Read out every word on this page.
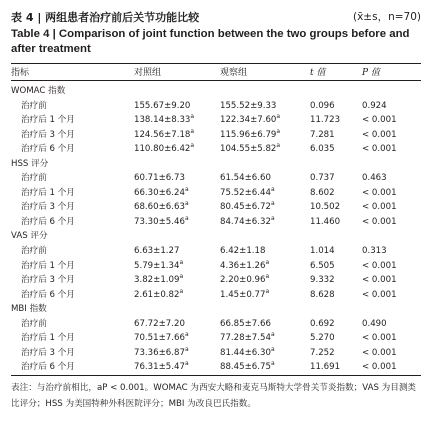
表 4 | 两组患者治疗前后关节功能比较	(x̄±s，n=70)
Table 4 | Comparison of joint function between the two groups before and after treatment
指标	对照组	观察组	t 值	P 值
WOMAC 指数
治疗前	155.67±9.20	155.52±9.33	0.096	0.924
治疗后 1 个月	138.14±8.33$^a$	122.34±7.60$^a$	11.723	< 0.001
治疗后 3 个月	124.56±7.18$^a$	115.96±6.79$^a$	7.281	< 0.001
治疗后 6 个月	110.80±6.42$^a$	104.55±5.82$^a$	6.035	< 0.001
HSS 评分
治疗前	60.71±6.73	61.54±6.60	0.737	0.463
治疗后 1 个月	66.30±6.24$^a$	75.52±6.44$^a$	8.602	< 0.001
治疗后 3 个月	68.60±6.63$^a$	80.45±6.72$^a$	10.502	< 0.001
治疗后 6 个月	73.30±5.46$^a$	84.74±6.32$^a$	11.460	< 0.001
VAS 评分
治疗前	6.63±1.27	6.42±1.18	1.014	0.313
治疗后 1 个月	5.79±1.34$^a$	4.36±1.26$^a$	6.505	< 0.001
治疗后 3 个月	3.82±1.09$^a$	2.20±0.96$^a$	9.332	< 0.001
治疗后 6 个月	2.61±0.82$^a$	1.45±0.77$^a$	8.628	< 0.001
MBI 指数
治疗前	67.72±7.20	66.85±7.66	0.692	0.490
治疗后 1 个月	70.51±7.66$^a$	77.28±7.54$^a$	5.270	< 0.001
治疗后 3 个月	73.36±6.87$^a$	81.44±6.30$^a$	7.252	< 0.001
治疗后 6 个月	76.31±5.47$^a$	88.45±6.75$^a$	11.691	< 0.001
表注：与治疗前相比，aP < 0.001。WOMAC 为西安大略和麦克马斯特大学骨关节炎指数；VAS 为目测类比评分；HSS 为美国特种外科医院评分；MBI 为改良巴氏指数。
